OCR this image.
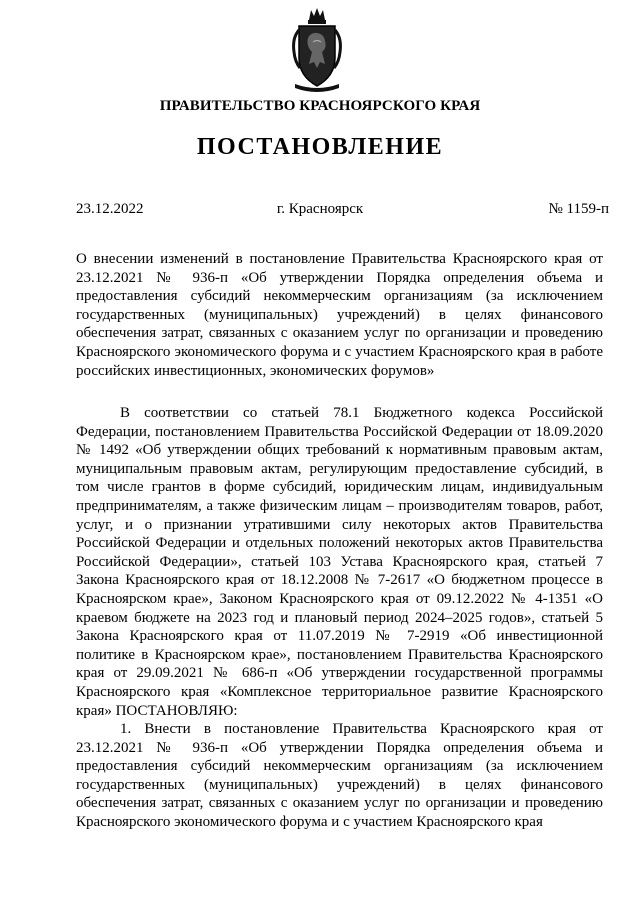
ПРАВИТЕЛЬСТВО КРАСНОЯРСКОГО КРАЯ
ПОСТАНОВЛЕНИЕ
23.12.2022	г. Красноярск	№ 1159-п
О внесении изменений в постановление Правительства Красноярского края от 23.12.2021 № 936-п «Об утверждении Порядка определения объема и предоставления субсидий некоммерческим организациям (за исключением государственных (муниципальных) учреждений) в целях финансового обеспечения затрат, связанных с оказанием услуг по организации и проведению Красноярского экономического форума и с участием Красноярского края в работе российских инвестиционных, экономических форумов»

В соответствии со статьей 78.1 Бюджетного кодекса Российской Федерации, постановлением Правительства Российской Федерации от 18.09.2020 № 1492 «Об утверждении общих требований к нормативным правовым актам, муниципальным правовым актам, регулирующим предоставление субсидий, в том числе грантов в форме субсидий, юридическим лицам, индивидуальным предпринимателям, а также физическим лицам – производителям товаров, работ, услуг, и о признании утратившими силу некоторых актов Правительства Российской Федерации и отдельных положений некоторых актов Правительства Российской Федерации», статьей 103 Устава Красноярского края, статьей 7 Закона Красноярского края от 18.12.2008 № 7-2617 «О бюджетном процессе в Красноярском крае», Законом Красноярского края от 09.12.2022 № 4-1351 «О краевом бюджете на 2023 год и плановый период 2024–2025 годов», статьей 5 Закона Красноярского края от 11.07.2019 № 7-2919 «Об инвестиционной политике в Красноярском крае», постановлением Правительства Красноярского края от 29.09.2021 № 686-п «Об утверждении государственной программы Красноярского края «Комплексное территориальное развитие Красноярского края» ПОСТАНОВЛЯЮ:

1. Внести в постановление Правительства Красноярского края от 23.12.2021 № 936-п «Об утверждении Порядка определения объема и предоставления субсидий некоммерческим организациям (за исключением государственных (муниципальных) учреждений) в целях финансового обеспечения затрат, связанных с оказанием услуг по организации и проведению Красноярского экономического форума и с участием Красноярского края
